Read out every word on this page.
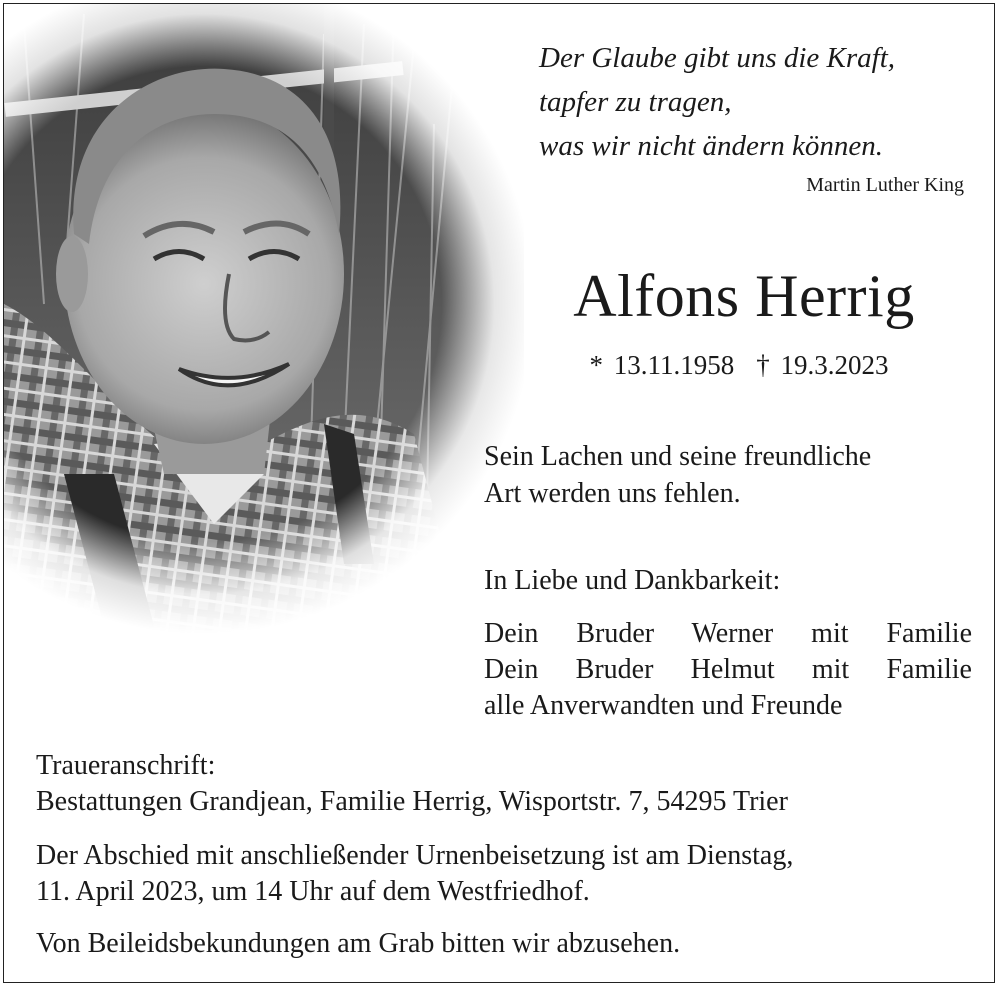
Der Glaube gibt uns die Kraft,
tapfer zu tragen,
was wir nicht ändern können.
Martin Luther King
Alfons Herrig
* 13.11.1958 † 19.3.2023
Sein Lachen und seine freundliche
Art werden uns fehlen.
In Liebe und Dankbarkeit:
Dein Bruder Werner mit Familie
Dein Bruder Helmut mit Familie
alle Anverwandten und Freunde
Traueranschrift:
Bestattungen Grandjean, Familie Herrig, Wisportstr. 7, 54295 Trier
Der Abschied mit anschließender Urnenbeisetzung ist am Dienstag,
11. April 2023, um 14 Uhr auf dem Westfriedhof.
Von Beileidsbekundungen am Grab bitten wir abzusehen.
